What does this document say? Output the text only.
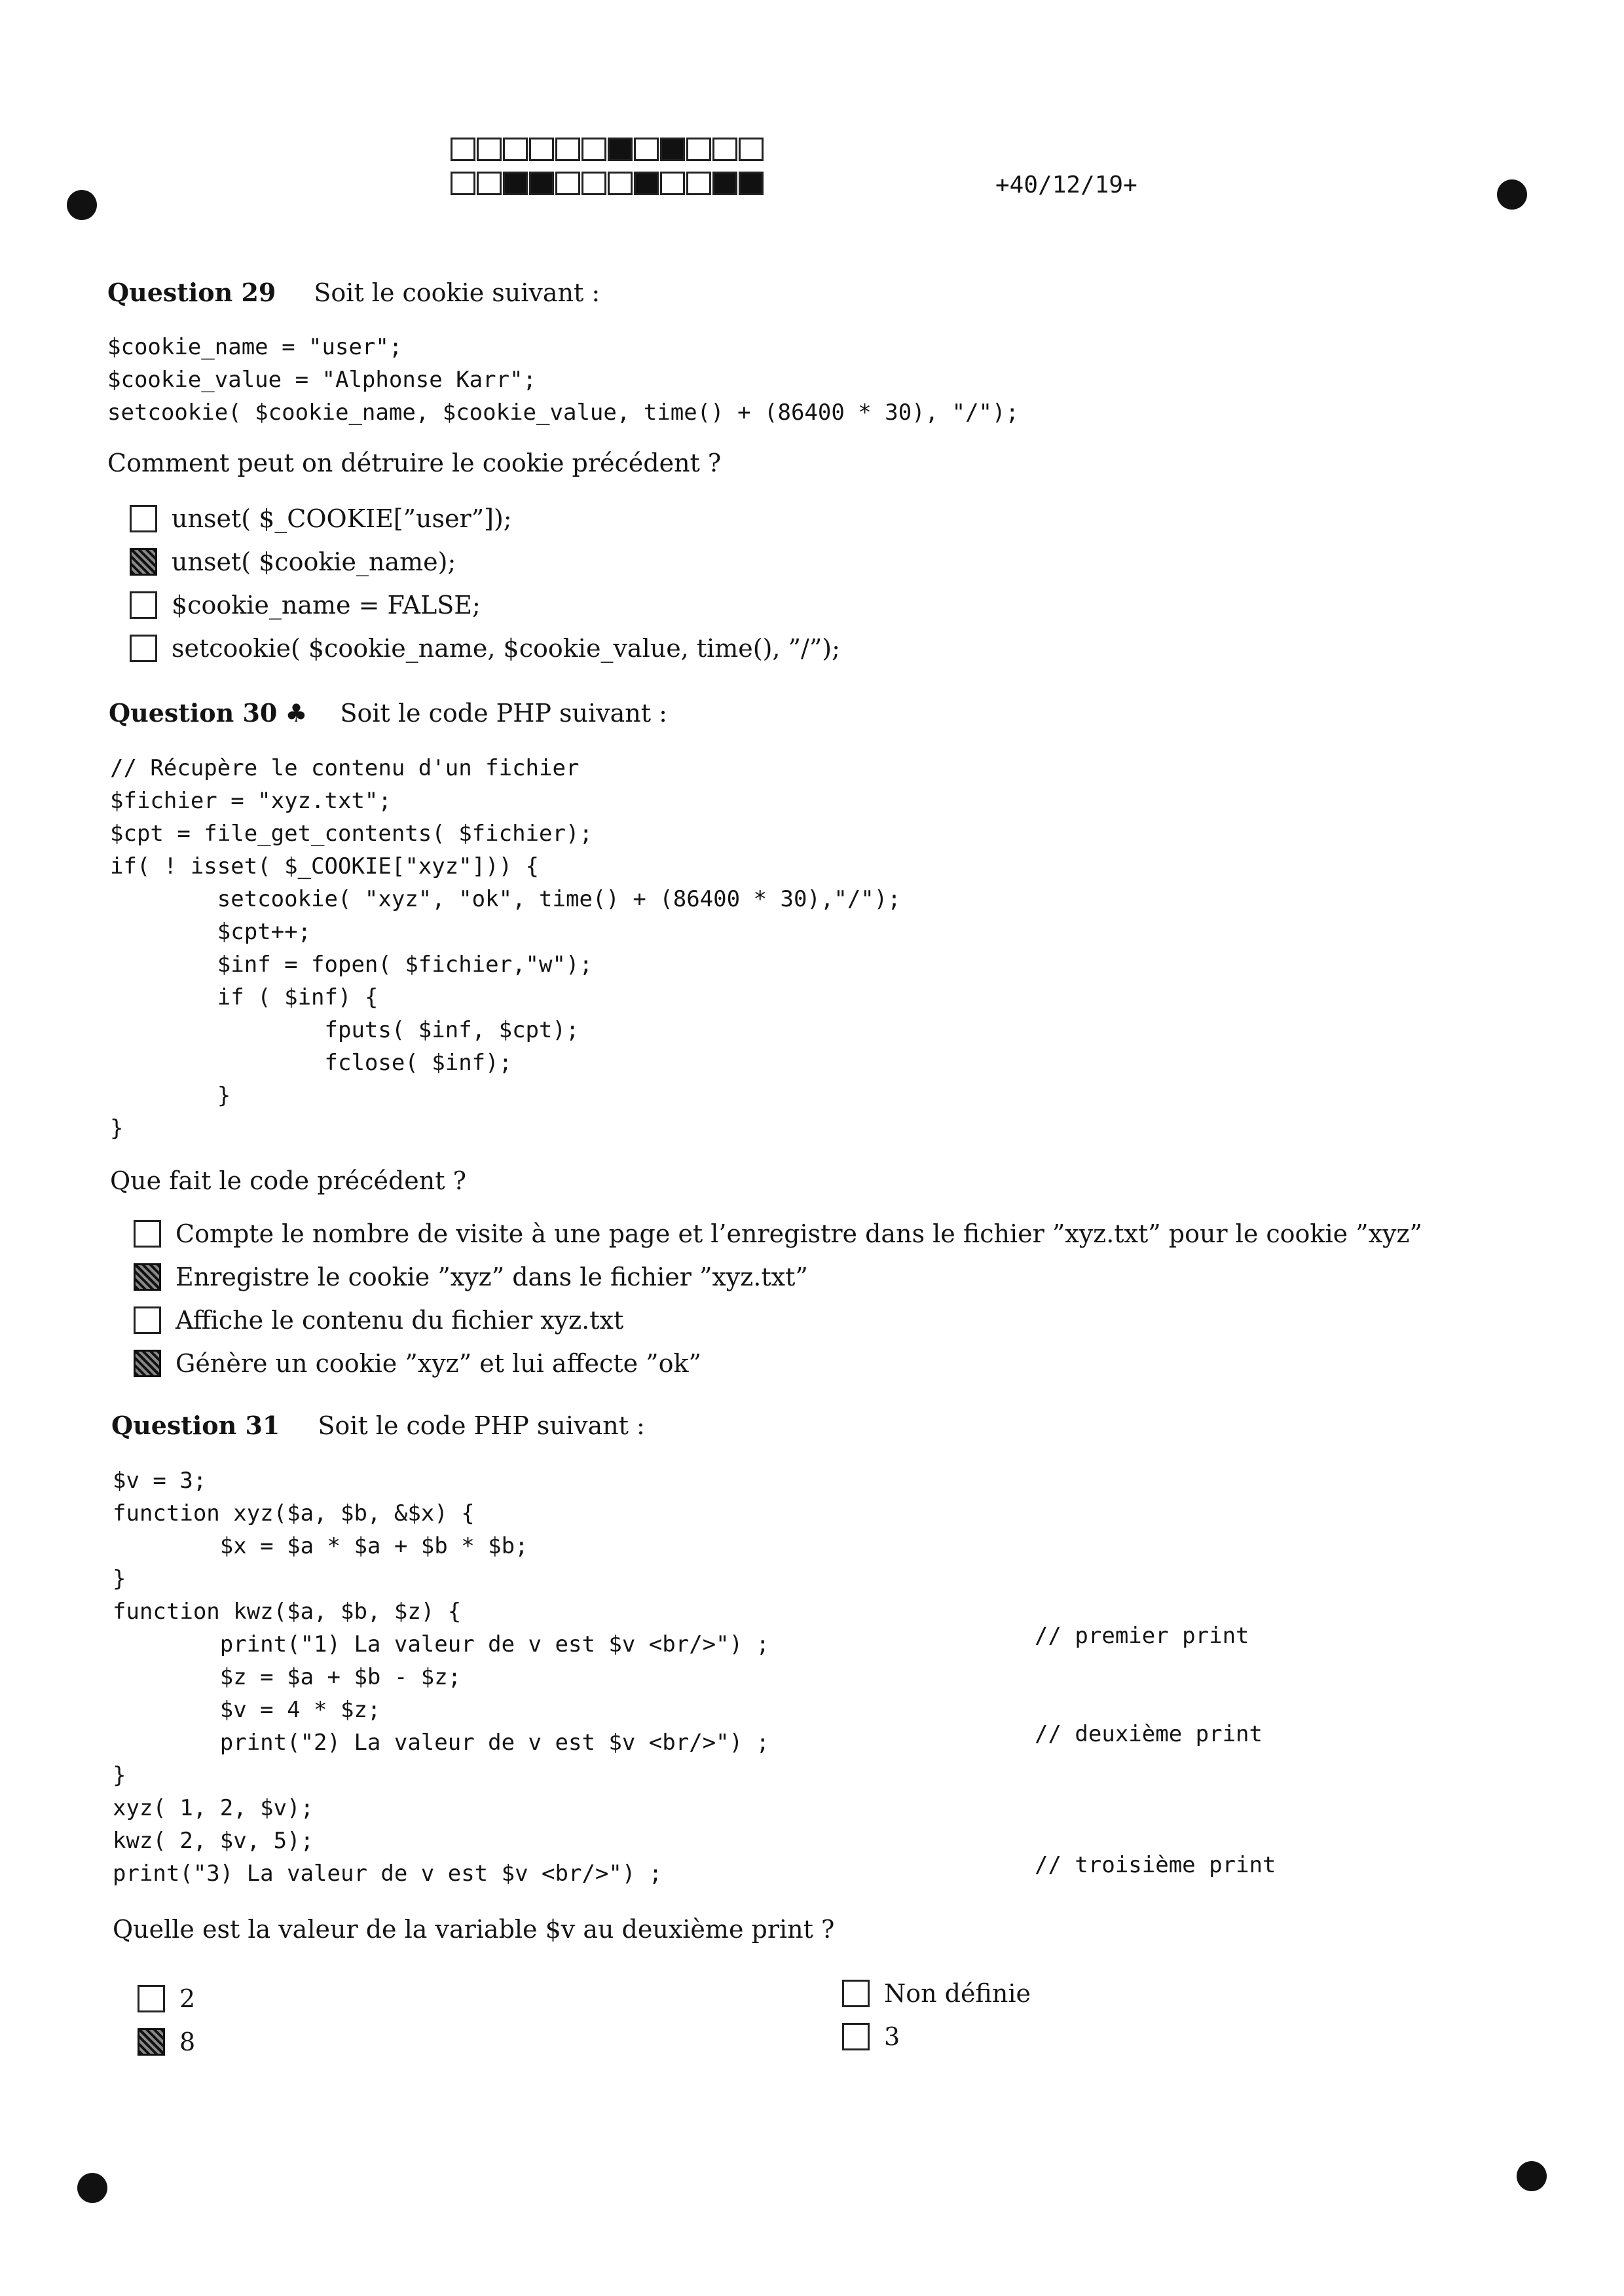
+40/12/19+
Question 29 Soit le cookie suivant :
$cookie_name = "user";
$cookie_value = "Alphonse Karr";
setcookie( $cookie_name, $cookie_value, time() + (86400 * 30), "/");
Comment peut on détruire le cookie précédent ?
unset( $_COOKIE[”user”]);
unset( $cookie_name);
$cookie_name = FALSE;
setcookie( $cookie_name, $cookie_value, time(), ”/”);
Question 30 ♣ Soit le code PHP suivant :
// Récupère le contenu d'un fichier
$fichier = "xyz.txt";
$cpt = file_get_contents( $fichier);
if( ! isset( $_COOKIE["xyz"])) {
setcookie( "xyz", "ok", time() + (86400 * 30),"/");
$cpt++;
$inf = fopen( $fichier,"w");
if ( $inf) {
fputs( $inf, $cpt);
fclose( $inf);
}
}
Que fait le code précédent ?
Compte le nombre de visite à une page et l’enregistre dans le fichier ”xyz.txt” pour le cookie ”xyz”
Enregistre le cookie ”xyz” dans le fichier ”xyz.txt”
Affiche le contenu du fichier xyz.txt
Génère un cookie ”xyz” et lui affecte ”ok”
Question 31 Soit le code PHP suivant :
$v = 3;
function xyz($a, $b, &$x) {
$x = $a * $a + $b * $b;
}
function kwz($a, $b, $z) {
print("1) La valeur de v est $v <br/>") ;
$z = $a + $b - $z;
$v = 4 * $z;
print("2) La valeur de v est $v <br/>") ;
}
xyz( 1, 2, $v);
kwz( 2, $v, 5);
print("3) La valeur de v est $v <br/>") ;
// premier print
// deuxième print
// troisième print
Quelle est la valeur de la variable $v au deuxième print ?
2
8
Non définie
3
